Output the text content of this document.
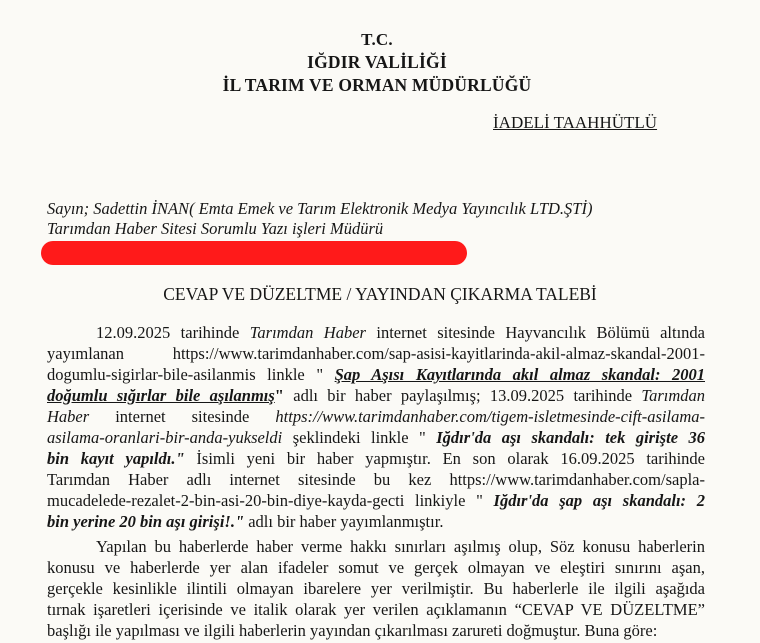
T.C.
IĞDIR VALİLİĞİ
İL TARIM VE ORMAN MÜDÜRLÜĞÜ
İADELİ TAAHHÜTLÜ
Sayın; Sadettin İNAN( Emta Emek ve Tarım Elektronik Medya Yayıncılık LTD.ŞTİ)
Tarımdan Haber Sitesi Sorumlu Yazı işleri Müdürü
CEVAP VE DÜZELTME / YAYINDAN ÇIKARMA TALEBİ
12.09.2025 tarihinde Tarımdan Haber internet sitesinde Hayvancılık Bölümü altında
yayımlanan https://www.tarimdanhaber.com/sap-asisi-kayitlarinda-akil-almaz-skandal-2001-
dogumlu-sigirlar-bile-asilanmis linkle " Şap Aşısı Kayıtlarında akıl almaz skandal: 2001
doğumlu sığırlar bile aşılanmış" adlı bir haber paylaşılmış; 13.09.2025 tarihinde Tarımdan
Haber internet sitesinde https://www.tarimdanhaber.com/tigem-isletmesinde-cift-asilama-
asilama-oranlari-bir-anda-yukseldi şeklindeki linkle " Iğdır'da aşı skandalı: tek girişte 36
bin kayıt yapıldı." İsimli yeni bir haber yapmıştır. En son olarak 16.09.2025 tarihinde
Tarımdan Haber adlı internet sitesinde bu kez https://www.tarimdanhaber.com/sapla-
mucadelede-rezalet-2-bin-asi-20-bin-diye-kayda-gecti linkiyle " Iğdır'da şap aşı skandalı: 2
bin yerine 20 bin aşı girişi!." adlı bir haber yayımlanmıştır.
Yapılan bu haberlerde haber verme hakkı sınırları aşılmış olup, Söz konusu haberlerin
konusu ve haberlerde yer alan ifadeler somut ve gerçek olmayan ve eleştiri sınırını aşan,
gerçekle kesinlikle ilintili olmayan ibarelere yer verilmiştir. Bu haberlerle ile ilgili aşağıda
tırnak işaretleri içerisinde ve italik olarak yer verilen açıklamanın “CEVAP VE DÜZELTME”
başlığı ile yapılması ve ilgili haberlerin yayından çıkarılması zarureti doğmuştur. Buna göre:
